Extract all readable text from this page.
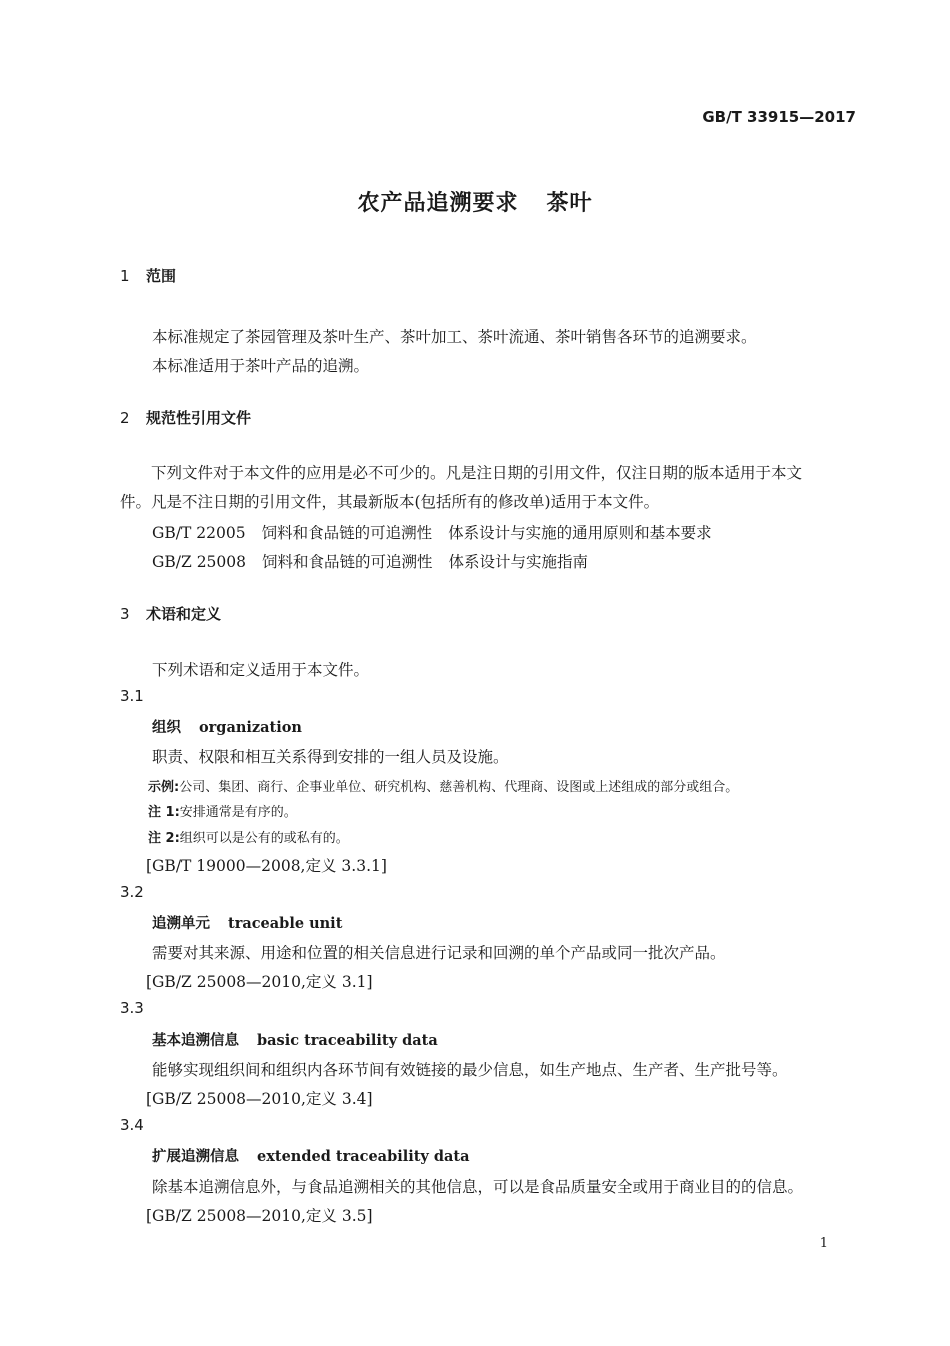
GB/T 33915—2017
农产品追溯要求 茶叶
1 范围
本标准规定了茶园管理及茶叶生产、茶叶加工、茶叶流通、茶叶销售各环节的追溯要求。
本标准适用于茶叶产品的追溯。
2 规范性引用文件
下列文件对于本文件的应用是必不可少的。凡是注日期的引用文件，仅注日期的版本适用于本文件。凡是不注日期的引用文件，其最新版本(包括所有的修改单)适用于本文件。
GB/T 22005 饲料和食品链的可追溯性 体系设计与实施的通用原则和基本要求
GB/Z 25008 饲料和食品链的可追溯性 体系设计与实施指南
3 术语和定义
下列术语和定义适用于本文件。
3.1
组织 organization
职责、权限和相互关系得到安排的一组人员及设施。
示例:公司、集团、商行、企事业单位、研究机构、慈善机构、代理商、设图或上述组成的部分或组合。
注 1:安排通常是有序的。
注 2:组织可以是公有的或私有的。
[GB/T 19000—2008,定义 3.3.1]
3.2
追溯单元 traceable unit
需要对其来源、用途和位置的相关信息进行记录和回溯的单个产品或同一批次产品。
[GB/Z 25008—2010,定义 3.1]
3.3
基本追溯信息 basic traceability data
能够实现组织间和组织内各环节间有效链接的最少信息，如生产地点、生产者、生产批号等。
[GB/Z 25008—2010,定义 3.4]
3.4
扩展追溯信息 extended traceability data
除基本追溯信息外，与食品追溯相关的其他信息，可以是食品质量安全或用于商业目的的信息。
[GB/Z 25008—2010,定义 3.5]
1
